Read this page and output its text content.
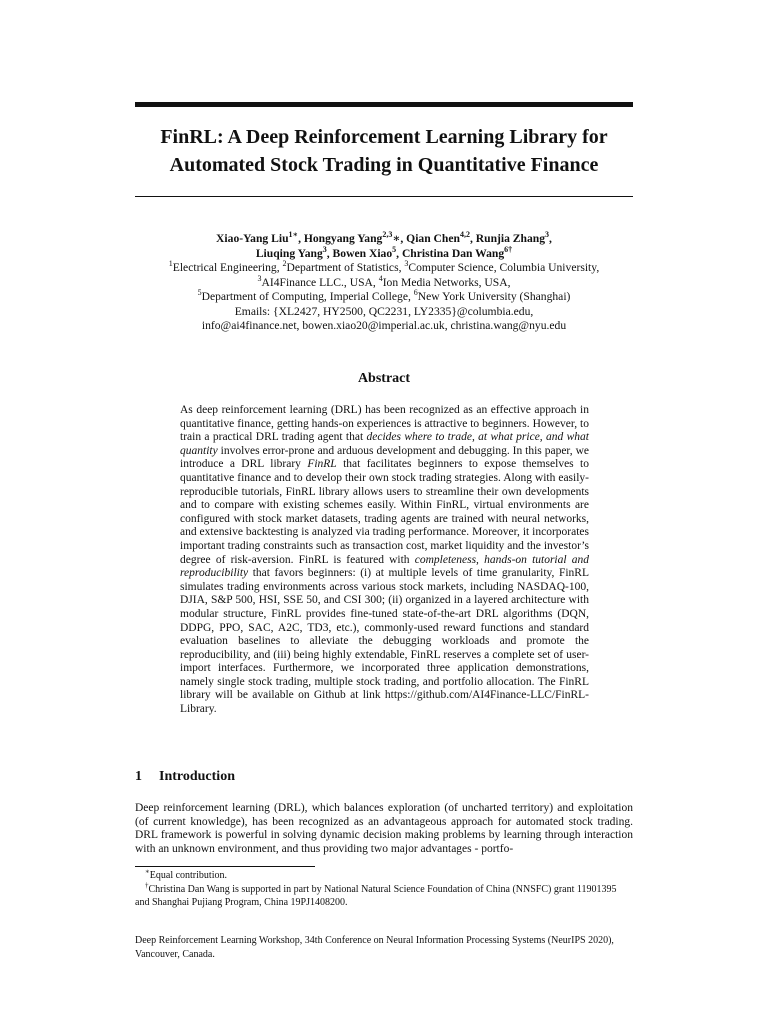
FinRL: A Deep Reinforcement Learning Library for
Automated Stock Trading in Quantitative Finance
Xiao-Yang Liu$^{1∗}$, Hongyang Yang$^{2,3}$∗, Qian Chen$^{4,2}$, Runjia Zhang$^3$,
Liuqing Yang$^3$, Bowen Xiao$^5$, Christina Dan Wang$^{6\dagger}$
$^1$Electrical Engineering, $^2$Department of Statistics, $^3$Computer Science, Columbia University,
$^3$AI4Finance LLC., USA, $^4$Ion Media Networks, USA,
$^5$Department of Computing, Imperial College, $^6$New York University (Shanghai)
Emails: {XL2427, HY2500, QC2231, LY2335}@columbia.edu,
info@ai4finance.net, bowen.xiao20@imperial.ac.uk, christina.wang@nyu.edu
Abstract
As deep reinforcement learning (DRL) has been recognized as an effective approach in quantitative finance, getting hands-on experiences is attractive to beginners. However, to train a practical DRL trading agent that decides where to trade, at what price, and what quantity involves error-prone and arduous development and debugging. In this paper, we introduce a DRL library FinRL that facilitates beginners to expose themselves to quantitative finance and to develop their own stock trading strategies. Along with easily-reproducible tutorials, FinRL library allows users to streamline their own developments and to compare with existing schemes easily. Within FinRL, virtual environments are configured with stock market datasets, trading agents are trained with neural networks, and extensive backtesting is analyzed via trading performance. Moreover, it incorporates important trading constraints such as transaction cost, market liquidity and the investor’s degree of risk-aversion. FinRL is featured with completeness, hands-on tutorial and reproducibility that favors beginners: (i) at multiple levels of time granularity, FinRL simulates trading environments across various stock markets, including NASDAQ-100, DJIA, S&P 500, HSI, SSE 50, and CSI 300; (ii) organized in a layered architecture with modular structure, FinRL provides fine-tuned state-of-the-art DRL algorithms (DQN, DDPG, PPO, SAC, A2C, TD3, etc.), commonly-used reward functions and standard evaluation baselines to alleviate the debugging workloads and promote the reproducibility, and (iii) being highly extendable, FinRL reserves a complete set of user-import interfaces. Furthermore, we incorporated three application demonstrations, namely single stock trading, multiple stock trading, and portfolio allocation. The FinRL library will be available on Github at link https://github.com/AI4Finance-LLC/FinRL-Library.
1 Introduction
Deep reinforcement learning (DRL), which balances exploration (of uncharted territory) and exploitation (of current knowledge), has been recognized as an advantageous approach for automated stock trading. DRL framework is powerful in solving dynamic decision making problems by learning through interaction with an unknown environment, and thus providing two major advantages - portfo-
∗Equal contribution.
†Christina Dan Wang is supported in part by National Natural Science Foundation of China (NNSFC) grant 11901395 and Shanghai Pujiang Program, China 19PJ1408200.
Deep Reinforcement Learning Workshop, 34th Conference on Neural Information Processing Systems (NeurIPS 2020), Vancouver, Canada.
